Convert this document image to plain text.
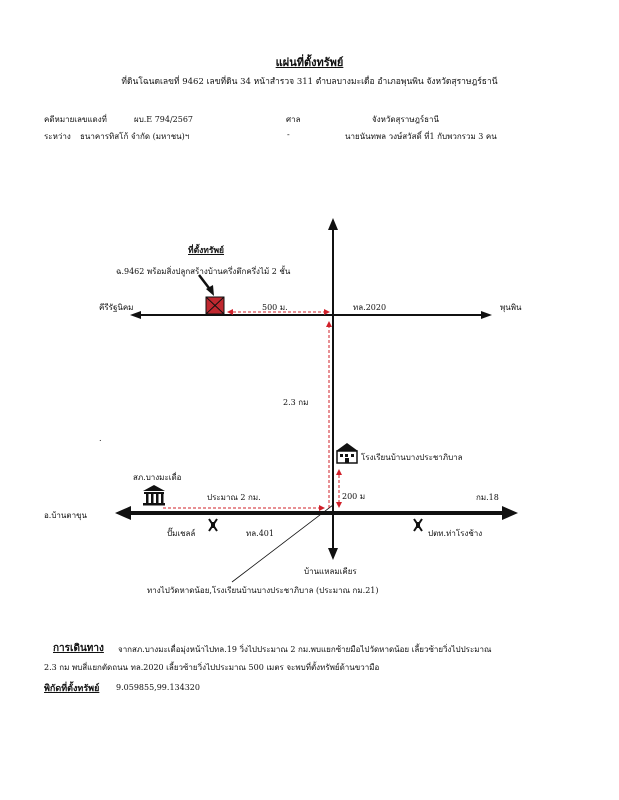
แผ่นที่ตั้งทรัพย์
ที่ดินโฉนดเลขที่ 9462 เลขที่ดิน 34 หน้าสำรวจ 311 ตำบลบางมะเดื่อ อำเภอพุนพิน จังหวัดสุราษฎร์ธานี
คดีหมายเลขแดงที่	ผบ.E 794/2567	ศาล	จังหวัดสุราษฎร์ธานี
ระหว่าง ธนาคารทิสโก้ จำกัด (มหาชน)ฯ	-	นายนันทพล วงษ์สวัสดิ์ ที่1 กับพวกรวม 3 คน
ที่ตั้งทรัพย์
ฉ.9462 พร้อมสิ่งปลูกสร้างบ้านครึ่งตึกครึ่งไม้ 2 ชั้น
คีรีรัฐนิคม	พุนพิน
500 ม.	ทล.2020
2.3 กม
.
โรงเรียนบ้านบางประชาภิบาล
200 ม	กม.18
สภ.บางมะเดื่อ
ประมาณ 2 กม.
อ.บ้านตาขุน
ปั๊มเชลล์	ทล.401	ปตท.ท่าโรงช้าง
บ้านแหลมเคียร
ทางไปวัดหาดน้อย,โรงเรียนบ้านบางประชาภิบาล (ประมาณ กม.21)
การเดินทาง จากสภ.บางมะเดื่อมุ่งหน้าไปทล.19 วิ่งไปประมาณ 2 กม.พบแยกซ้ายมือไปวัดหาดน้อย เลี้ยวซ้ายวิ่งไปประมาณ
2.3 กม พบสี่แยกตัดถนน ทล.2020 เลี้ยวซ้ายวิ่งไปประมาณ 500 เมตร จะพบที่ตั้งทรัพย์ด้านขวามือ
พิกัดที่ตั้งทรัพย์ 9.059855,99.134320
